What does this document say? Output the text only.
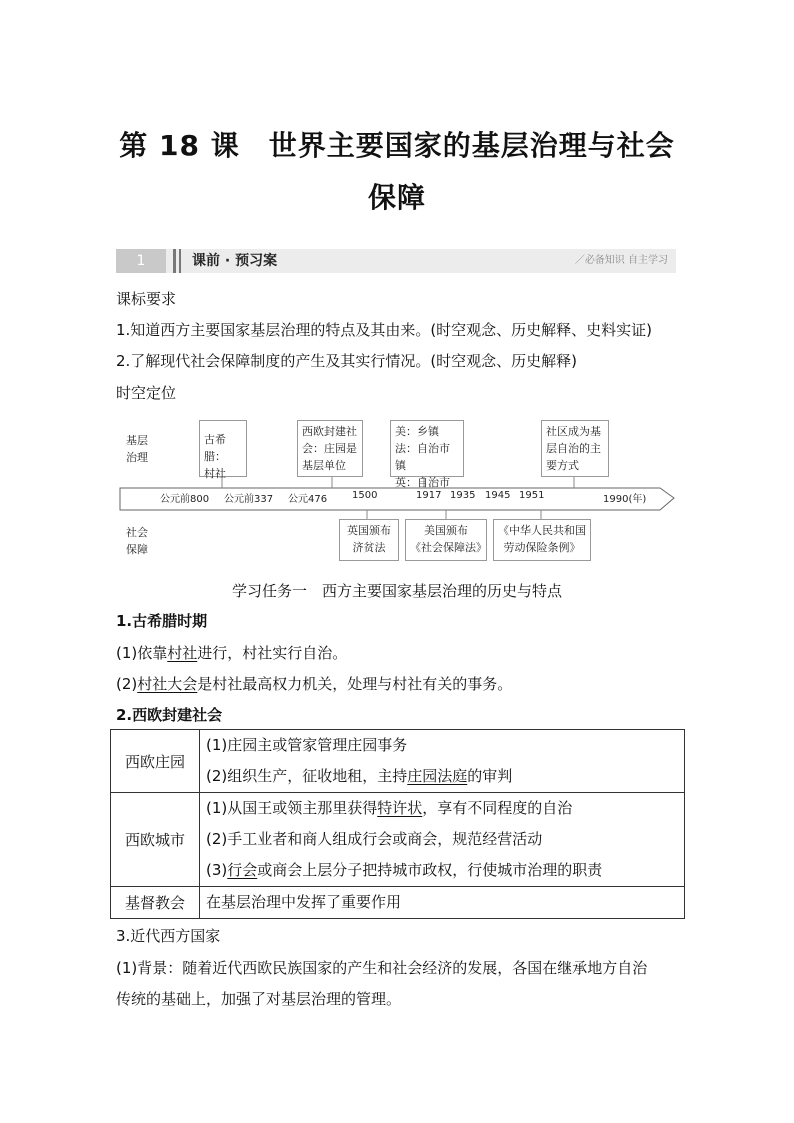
第 18 课　世界主要国家的基层治理与社会
保障
1	课前 · 预习案	／必备知识 自主学习
课标要求
1.知道西方主要国家基层治理的特点及其由来。(时空观念、历史解释、史料实证)
2.了解现代社会保障制度的产生及其实行情况。(时空观念、历史解释)
时空定位
基层
治理
社会
保障
古希腊：
村社
西欧封建社
会：庄园是
基层单位
美：乡镇
法：自治市镇
英：自治市
社区成为基
层自治的主
要方式
公元前800 公元前337 公元476 1500	1917 1935 1945 1951	1990(年)
英国颁布
济贫法
美国颁布
《社会保障法》
《中华人民共和国
劳动保险条例》
学习任务一　西方主要国家基层治理的历史与特点
1.古希腊时期
(1)依靠村社进行，村社实行自治。
(2)村社大会是村社最高权力机关，处理与村社有关的事务。
2.西欧封建社会
西欧庄园	(1)庄园主或管家管理庄园事务
(2)组织生产，征收地租，主持庄园法庭的审判

西欧城市	(1)从国王或领主那里获得特许状，享有不同程度的自治
(2)手工业者和商人组成行会或商会，规范经营活动
(3)行会或商会上层分子把持城市政权，行使城市治理的职责

基督教会	在基层治理中发挥了重要作用
3.近代西方国家
(1)背景：随着近代西欧民族国家的产生和社会经济的发展，各国在继承地方自治
传统的基础上，加强了对基层治理的管理。
